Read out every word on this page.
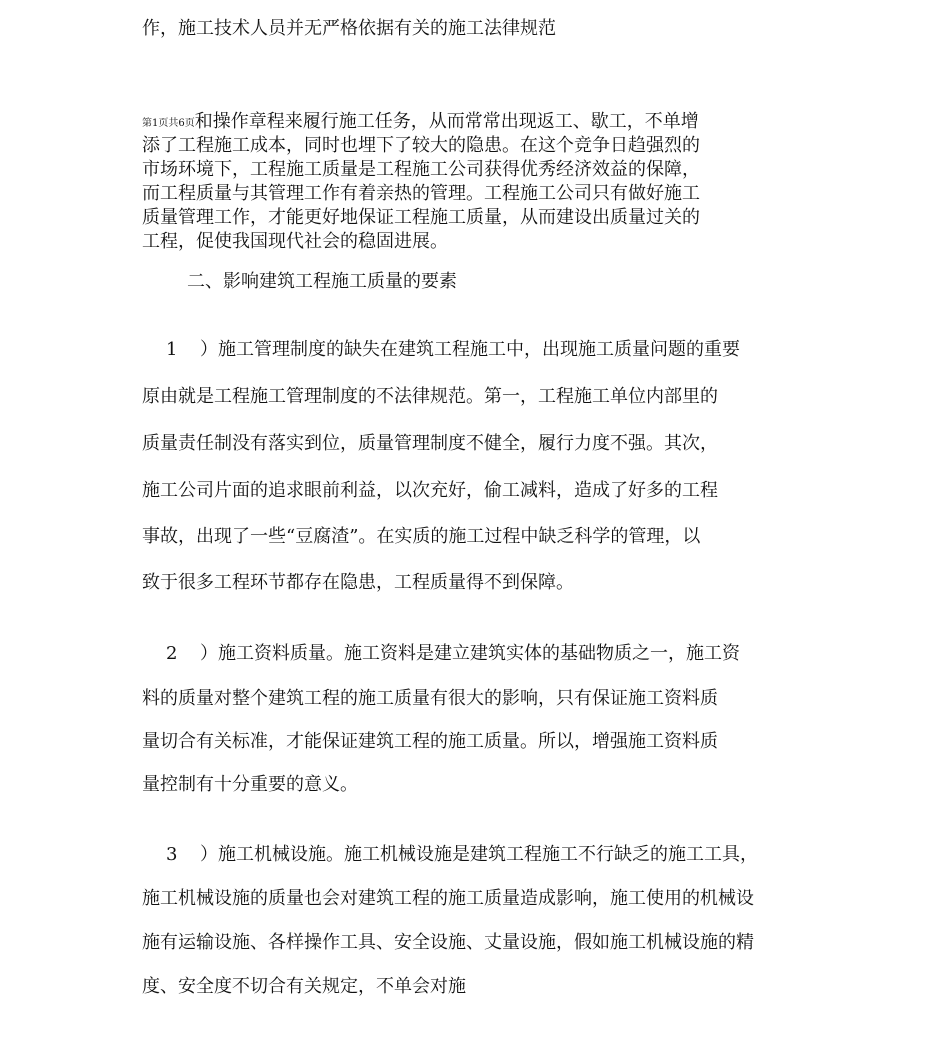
作，施工技术人员并无严格依据有关的施工法律规范
第1页共6页和操作章程来履行施工任务，从而常常出现返工、歇工，不单增
添了工程施工成本，同时也埋下了较大的隐患。在这个竞争日趋强烈的
市场环境下，工程施工质量是工程施工公司获得优秀经济效益的保障，
而工程质量与其管理工作有着亲热的管理。工程施工公司只有做好施工
质量管理工作，才能更好地保证工程施工质量，从而建设出质量过关的
工程，促使我国现代社会的稳固进展。
二、影响建筑工程施工质量的要素
1 ）施工管理制度的缺失在建筑工程施工中，出现施工质量问题的重要
原由就是工程施工管理制度的不法律规范。第一，工程施工单位内部里的
质量责任制没有落实到位，质量管理制度不健全，履行力度不强。其次，
施工公司片面的追求眼前利益，以次充好，偷工减料，造成了好多的工程
事故，出现了一些“豆腐渣”。在实质的施工过程中缺乏科学的管理，以
致于很多工程环节都存在隐患，工程质量得不到保障。
2 ）施工资料质量。施工资料是建立建筑实体的基础物质之一，施工资
料的质量对整个建筑工程的施工质量有很大的影响，只有保证施工资料质
量切合有关标准，才能保证建筑工程的施工质量。所以，增强施工资料质
量控制有十分重要的意义。
3 ）施工机械设施。施工机械设施是建筑工程施工不行缺乏的施工工具，
施工机械设施的质量也会对建筑工程的施工质量造成影响，施工使用的机械设
施有运输设施、各样操作工具、安全设施、丈量设施，假如施工机械设施的精
度、安全度不切合有关规定，不单会对施
